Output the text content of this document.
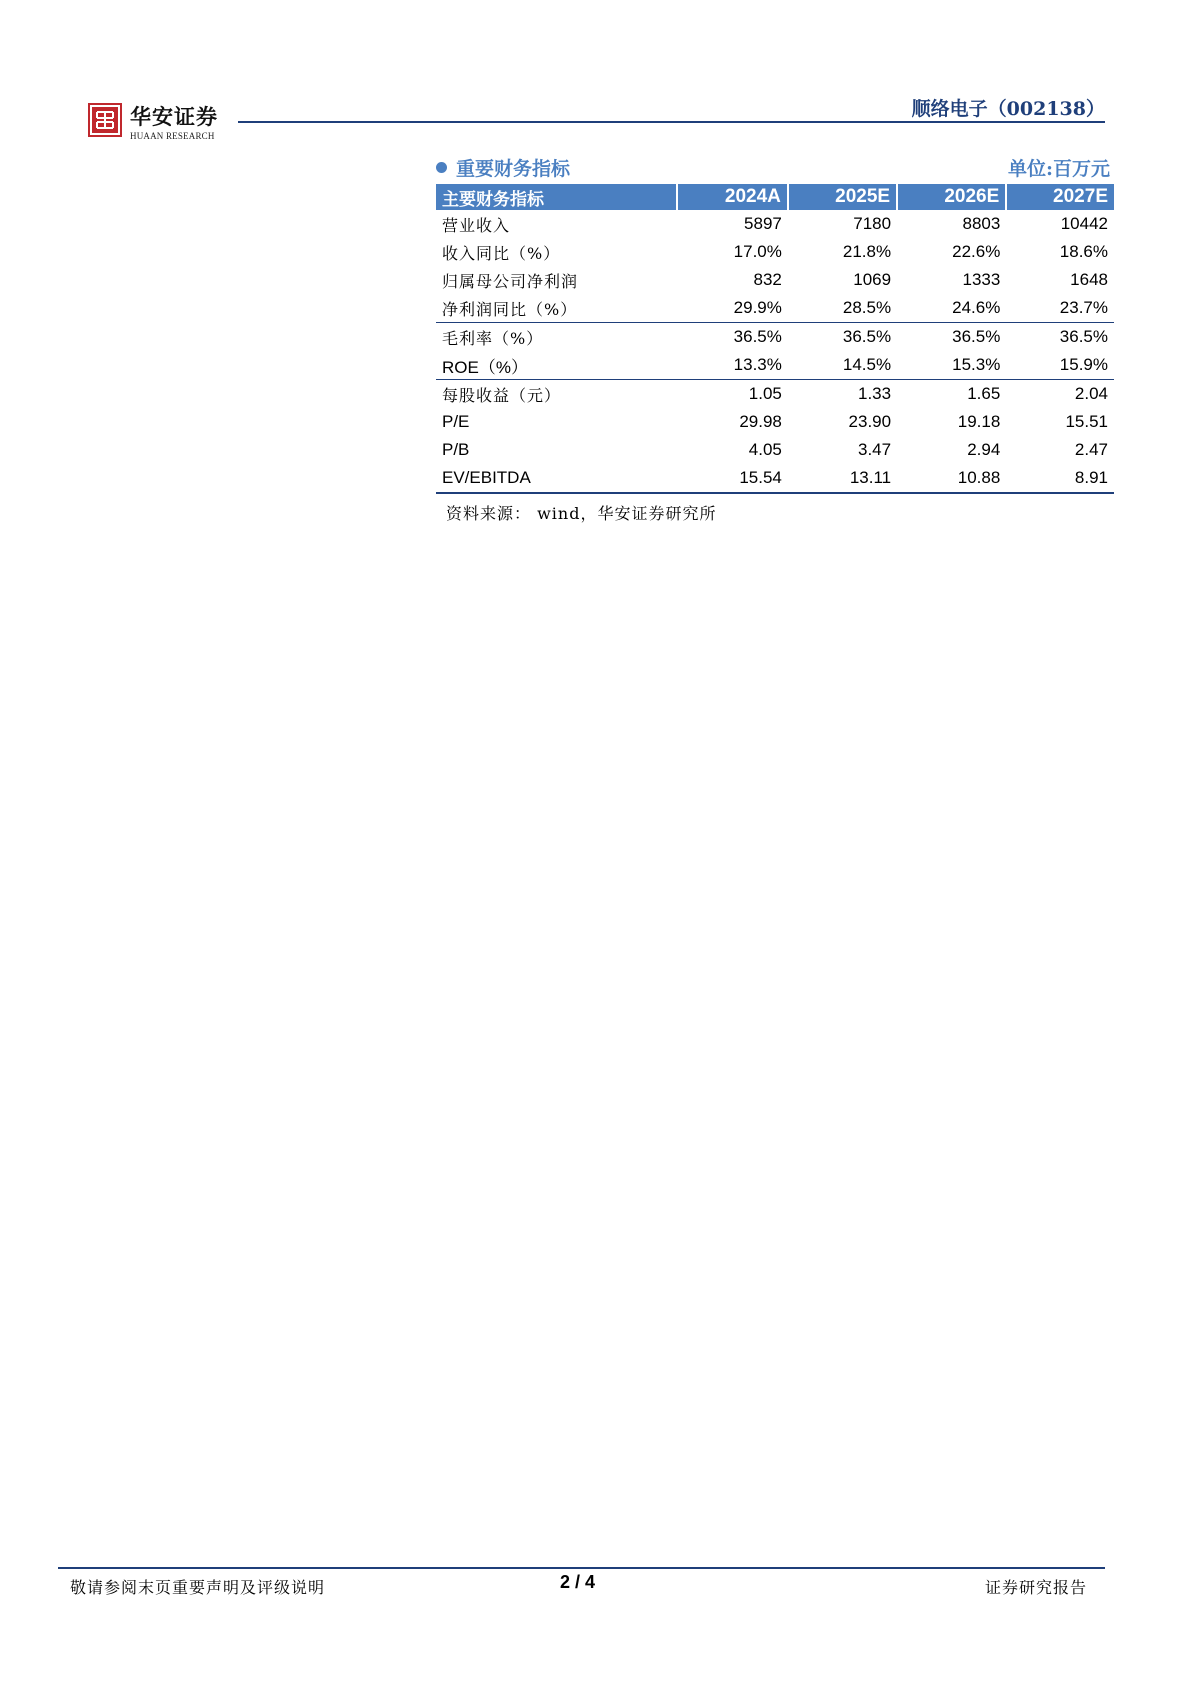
华安证券
HUAAN RESEARCH
顺络电子（002138）
重要财务指标	单位:百万元
主要财务指标	2024A	2025E	2026E	2027E
营业收入	5897	7180	8803	10442
收入同比（%）	17.0%	21.8%	22.6%	18.6%
归属母公司净利润	832	1069	1333	1648
净利润同比（%）	29.9%	28.5%	24.6%	23.7%
毛利率（%）	36.5%	36.5%	36.5%	36.5%
ROE（%）	13.3%	14.5%	15.3%	15.9%
每股收益（元）	1.05	1.33	1.65	2.04
P/E	29.98	23.90	19.18	15.51
P/B	4.05	3.47	2.94	2.47
EV/EBITDA	15.54	13.11	10.88	8.91
资料来源： wind，华安证券研究所
敬请参阅末页重要声明及评级说明	2 / 4	证券研究报告
